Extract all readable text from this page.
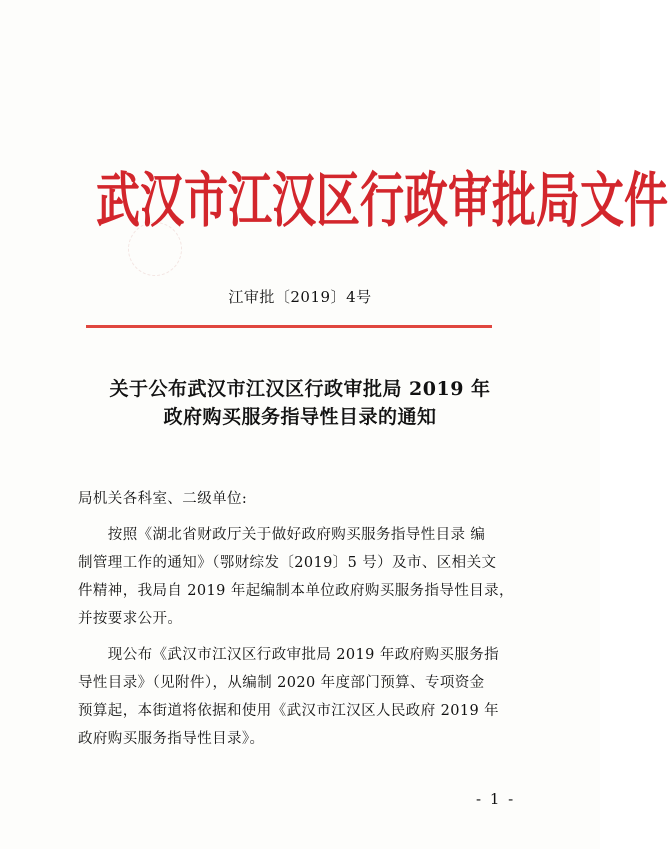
武汉市江汉区行政审批局文件
江审批〔2019〕4号
关于公布武汉市江汉区行政审批局 2019 年
政府购买服务指导性目录的通知

局机关各科室、二级单位:

　　按照《湖北省财政厅关于做好政府购买服务指导性目录 编

制管理工作的通知》（鄂财综发〔2019〕5 号）及市、区相关文

件精神，我局自 2019 年起编制本单位政府购买服务指导性目录，

并按要求公开。

　　现公布《武汉市江汉区行政审批局 2019 年政府购买服务指

导性目录》（见附件），从编制 2020 年度部门预算、专项资金

预算起，本街道将依据和使用《武汉市江汉区人民政府 2019 年

政府购买服务指导性目录》。

- 1 -
